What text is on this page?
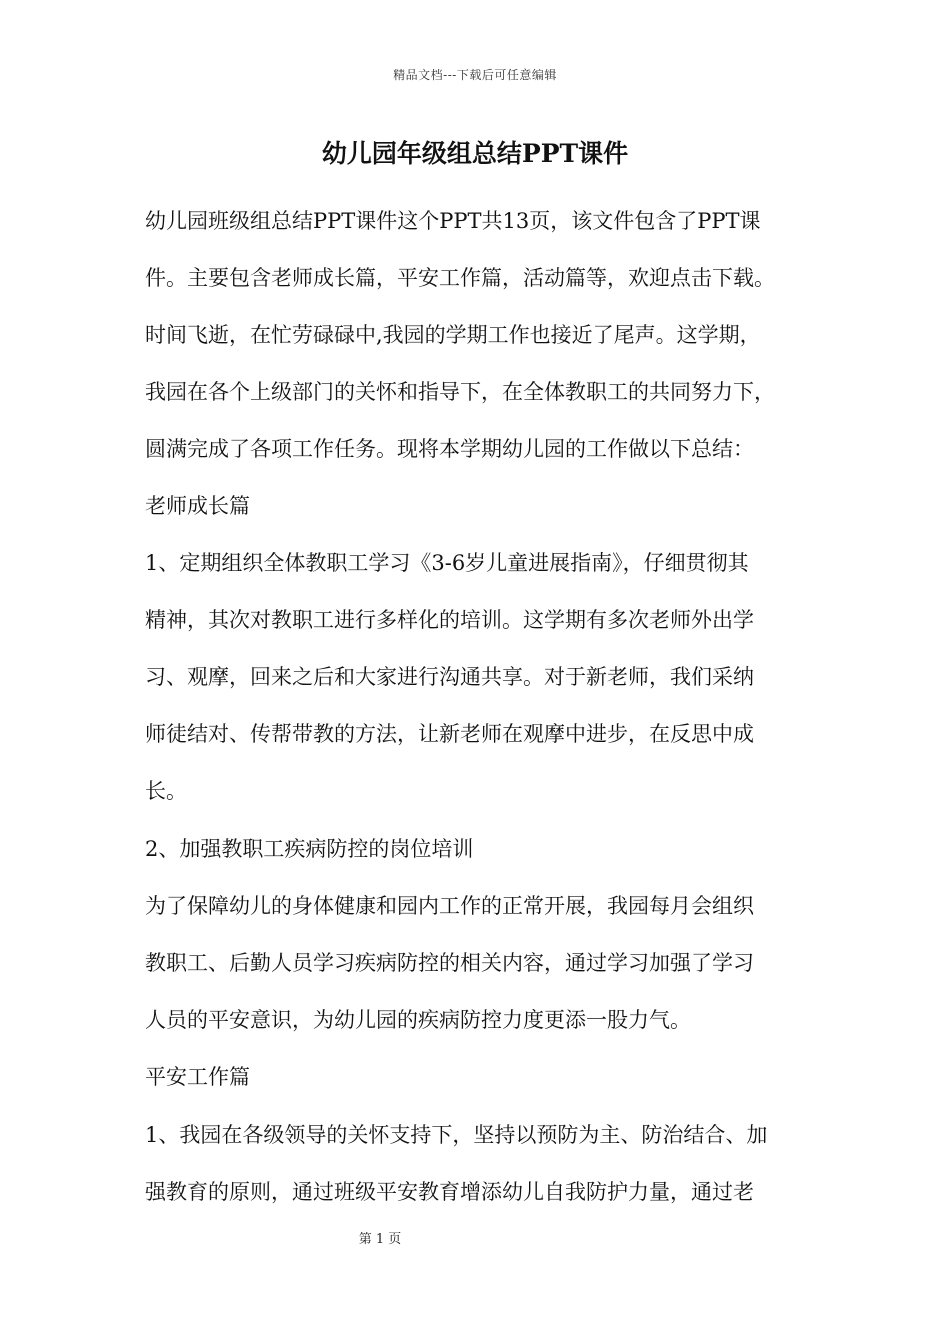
精品文档---下载后可任意编辑
幼儿园年级组总结PPT课件
幼儿园班级组总结PPT课件这个PPT共13页，该文件包含了PPT课
件。主要包含老师成长篇，平安工作篇，活动篇等，欢迎点击下载。
时间飞逝，在忙劳碌碌中,我园的学期工作也接近了尾声。这学期，
我园在各个上级部门的关怀和指导下，在全体教职工的共同努力下，
圆满完成了各项工作任务。现将本学期幼儿园的工作做以下总结：
老师成长篇
1、定期组织全体教职工学习《3-6岁儿童进展指南》，仔细贯彻其
精神，其次对教职工进行多样化的培训。这学期有多次老师外出学
习、观摩，回来之后和大家进行沟通共享。对于新老师，我们采纳
师徒结对、传帮带教的方法，让新老师在观摩中进步，在反思中成
长。
2、加强教职工疾病防控的岗位培训
为了保障幼儿的身体健康和园内工作的正常开展，我园每月会组织
教职工、后勤人员学习疾病防控的相关内容，通过学习加强了学习
人员的平安意识，为幼儿园的疾病防控力度更添一股力气。
平安工作篇
1、我园在各级领导的关怀支持下，坚持以预防为主、防治结合、加
强教育的原则，通过班级平安教育增添幼儿自我防护力量，通过老
第 1 页
